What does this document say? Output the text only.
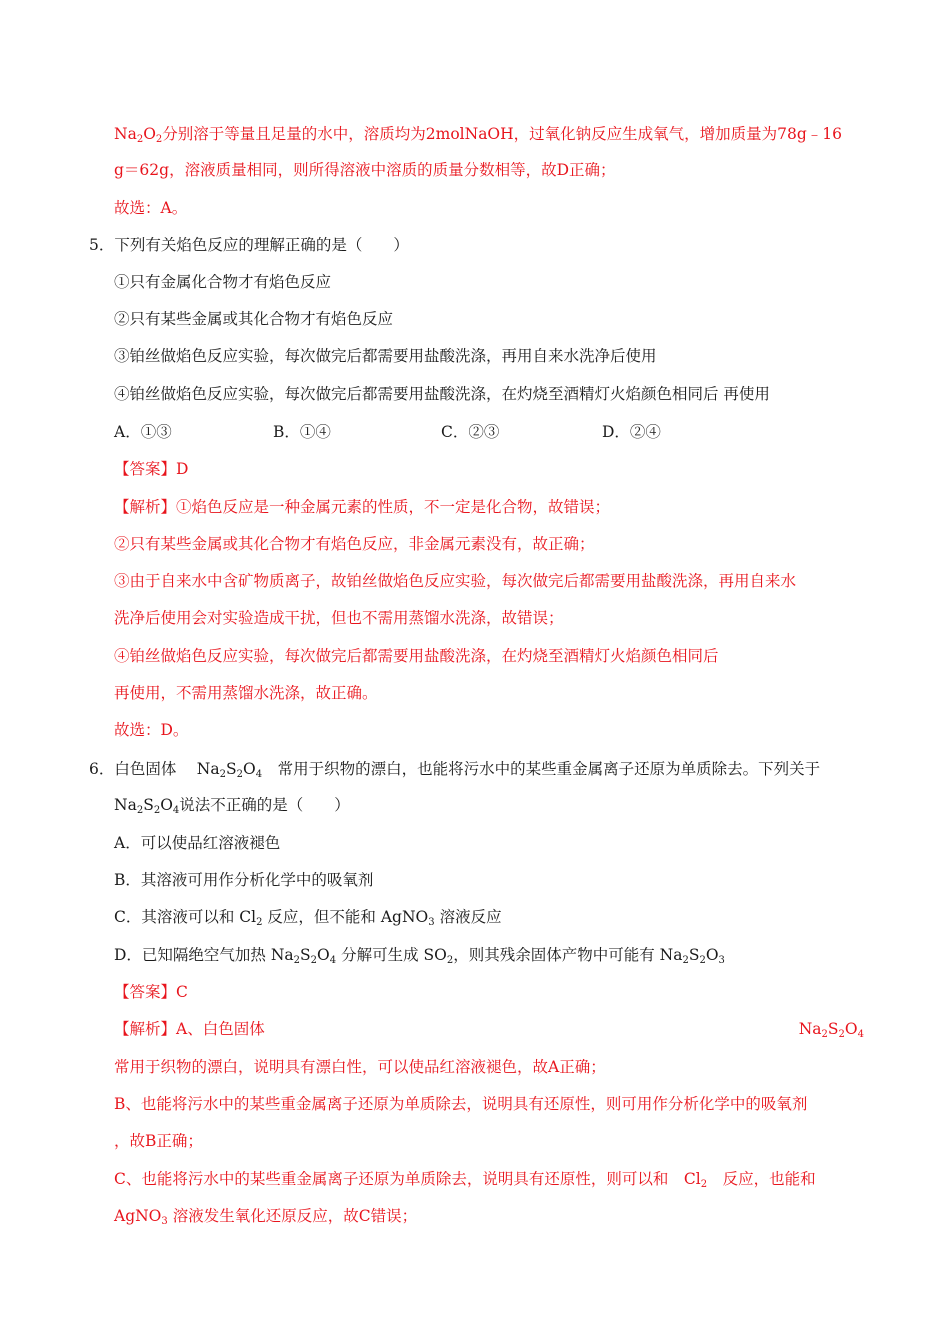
$Na_2O_2$分别溶于等量且足量的水中，溶质均为2molNaOH，过氧化钠反应生成氧气，增加质量为78g﹣16
g＝62g，溶液质量相同，则所得溶液中溶质的质量分数相等，故D正确；
故选：A。
5．下列有关焰色反应的理解正确的是（　　）
①只有金属化合物才有焰色反应
②只有某些金属或其化合物才有焰色反应
③铂丝做焰色反应实验，每次做完后都需要用盐酸洗涤，再用自来水洗净后使用
④铂丝做焰色反应实验，每次做完后都需要用盐酸洗涤，在灼烧至酒精灯火焰颜色相同后 再使用
A．①③	B．①④	C．②③	D．②④
【答案】D
【解析】①焰色反应是一种金属元素的性质，不一定是化合物，故错误；
②只有某些金属或其化合物才有焰色反应，非金属元素没有，故正确；
③由于自来水中含矿物质离子，故铂丝做焰色反应实验，每次做完后都需要用盐酸洗涤，再用自来水
洗净后使用会对实验造成干扰，但也不需用蒸馏水洗涤，故错误；
④铂丝做焰色反应实验，每次做完后都需要用盐酸洗涤，在灼烧至酒精灯火焰颜色相同后
再使用，不需用蒸馏水洗涤，故正确。
故选：D。
6．白色固体　 $Na_2S_2O_4$　常用于织物的漂白，也能将污水中的某些重金属离子还原为单质除去。下列关于
$Na_2S_2O_4$说法不正确的是（　　）
A．可以使品红溶液褪色
B．其溶液可用作分析化学中的吸氧剂
C．其溶液可以和 $Cl_2$ 反应，但不能和 AgNO$_3$ 溶液反应
D．已知隔绝空气加热 $Na_2S_2O_4$ 分解可生成 $SO_2$，则其残余固体产物中可能有 $Na_2S_2O_3$
【答案】C
【解析】A、白色固体	$Na_2S_2O_4$
常用于织物的漂白，说明具有漂白性，可以使品红溶液褪色，故A正确；
B、也能将污水中的某些重金属离子还原为单质除去，说明具有还原性，则可用作分析化学中的吸氧剂
，故B正确；
C、也能将污水中的某些重金属离子还原为单质除去，说明具有还原性，则可以和　$Cl_2$　反应，也能和
AgNO$_3$ 溶液发生氧化还原反应，故C错误；
